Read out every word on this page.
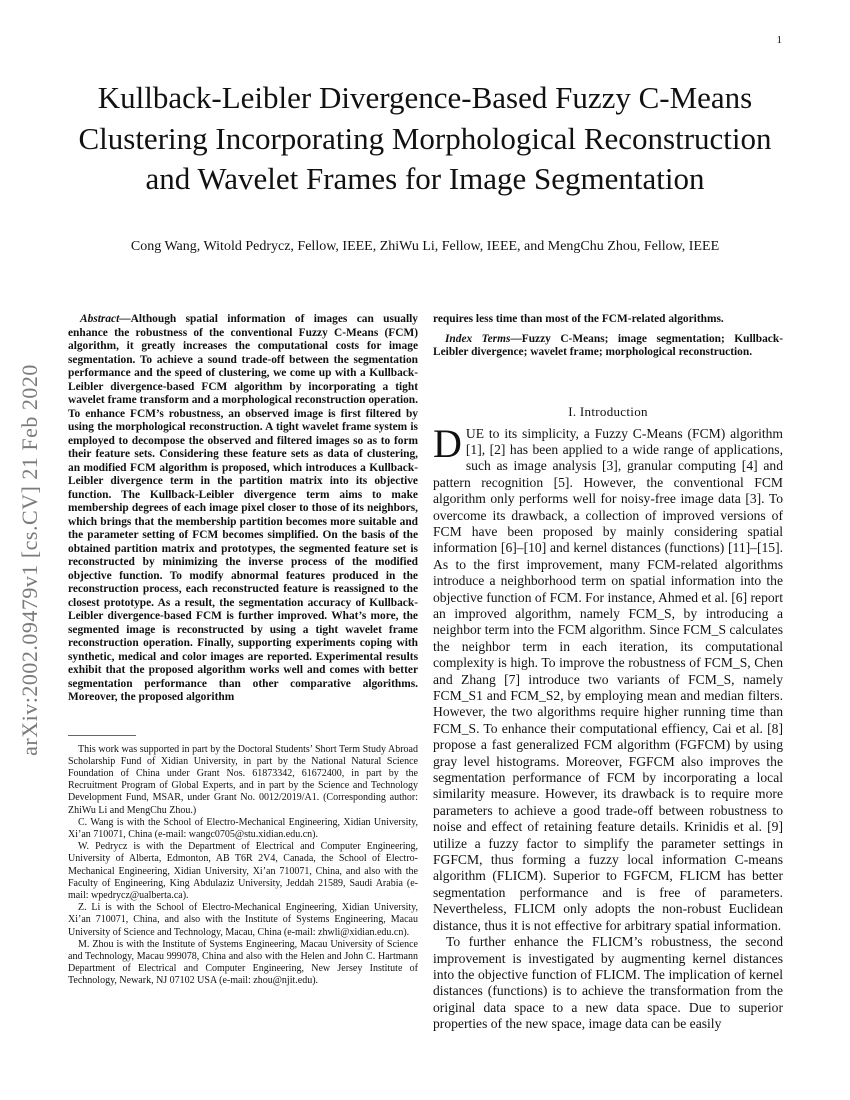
1
arXiv:2002.09479v1 [cs.CV] 21 Feb 2020
Kullback-Leibler Divergence-Based Fuzzy C-Means Clustering Incorporating Morphological Reconstruction and Wavelet Frames for Image Segmentation

Cong Wang, Witold Pedrycz, Fellow, IEEE, ZhiWu Li, Fellow, IEEE, and MengChu Zhou, Fellow, IEEE

Abstract—Although spatial information of images can usually enhance the robustness of the conventional Fuzzy C-Means (FCM) algorithm, it greatly increases the computational costs for image segmentation. To achieve a sound trade-off between the segmentation performance and the speed of clustering, we come up with a Kullback-Leibler divergence-based FCM algorithm by incorporating a tight wavelet frame transform and a morphological reconstruction operation. To enhance FCM’s robustness, an observed image is first filtered by using the morphological reconstruction. A tight wavelet frame system is employed to decompose the observed and filtered images so as to form their feature sets. Considering these feature sets as data of clustering, an modified FCM algorithm is proposed, which introduces a Kullback-Leibler divergence term in the partition matrix into its objective function. The Kullback-Leibler divergence term aims to make membership degrees of each image pixel closer to those of its neighbors, which brings that the membership partition becomes more suitable and the parameter setting of FCM becomes simplified. On the basis of the obtained partition matrix and prototypes, the segmented feature set is reconstructed by minimizing the inverse process of the modified objective function. To modify abnormal features produced in the reconstruction process, each reconstructed feature is reassigned to the closest prototype. As a result, the segmentation accuracy of Kullback-Leibler divergence-based FCM is further improved. What’s more, the segmented image is reconstructed by using a tight wavelet frame reconstruction operation. Finally, supporting experiments coping with synthetic, medical and color images are reported. Experimental results exhibit that the proposed algorithm works well and comes with better segmentation performance than other comparative algorithms. Moreover, the proposed algorithm

This work was supported in part by the Doctoral Students’ Short Term Study Abroad Scholarship Fund of Xidian University, in part by the National Natural Science Foundation of China under Grant Nos. 61873342, 61672400, in part by the Recruitment Program of Global Experts, and in part by the Science and Technology Development Fund, MSAR, under Grant No. 0012/2019/A1. (Corresponding author: ZhiWu Li and MengChu Zhou.)

C. Wang is with the School of Electro-Mechanical Engineering, Xidian University, Xi’an 710071, China (e-mail: wangc0705@stu.xidian.edu.cn).

W. Pedrycz is with the Department of Electrical and Computer Engineering, University of Alberta, Edmonton, AB T6R 2V4, Canada, the School of Electro-Mechanical Engineering, Xidian University, Xi’an 710071, China, and also with the Faculty of Engineering, King Abdulaziz University, Jeddah 21589, Saudi Arabia (e-mail: wpedrycz@ualberta.ca).

Z. Li is with the School of Electro-Mechanical Engineering, Xidian University, Xi’an 710071, China, and also with the Institute of Systems Engineering, Macau University of Science and Technology, Macau, China (e-mail: zhwli@xidian.edu.cn).

M. Zhou is with the Institute of Systems Engineering, Macau University of Science and Technology, Macau 999078, China and also with the Helen and John C. Hartmann Department of Electrical and Computer Engineering, New Jersey Institute of Technology, Newark, NJ 07102 USA (e-mail: zhou@njit.edu).

requires less time than most of the FCM-related algorithms.

Index Terms—Fuzzy C-Means; image segmentation; Kullback-Leibler divergence; wavelet frame; morphological reconstruction.

I. Introduction

DUE to its simplicity, a Fuzzy C-Means (FCM) algorithm [1], [2] has been applied to a wide range of applications, such as image analysis [3], granular computing [4] and pattern recognition [5]. However, the conventional FCM algorithm only performs well for noisy-free image data [3]. To overcome its drawback, a collection of improved versions of FCM have been proposed by mainly considering spatial information [6]–[10] and kernel distances (functions) [11]–[15]. As to the first improvement, many FCM-related algorithms introduce a neighborhood term on spatial information into the objective function of FCM. For instance, Ahmed et al. [6] report an improved algorithm, namely FCM_S, by introducing a neighbor term into the FCM algorithm. Since FCM_S calculates the neighbor term in each iteration, its computational complexity is high. To improve the robustness of FCM_S, Chen and Zhang [7] introduce two variants of FCM_S, namely FCM_S1 and FCM_S2, by employing mean and median filters. However, the two algorithms require higher running time than FCM_S. To enhance their computational effiency, Cai et al. [8] propose a fast generalized FCM algorithm (FGFCM) by using gray level histograms. Moreover, FGFCM also improves the segmentation performance of FCM by incorporating a local similarity measure. However, its drawback is to require more parameters to achieve a good trade-off between robustness to noise and effect of retaining feature details. Krinidis et al. [9] utilize a fuzzy factor to simplify the parameter settings in FGFCM, thus forming a fuzzy local information C-means algorithm (FLICM). Superior to FGFCM, FLICM has better segmentation performance and is free of parameters. Nevertheless, FLICM only adopts the non-robust Euclidean distance, thus it is not effective for arbitrary spatial information.

To further enhance the FLICM’s robustness, the second improvement is investigated by augmenting kernel distances into the objective function of FLICM. The implication of kernel distances (functions) is to achieve the transformation from the original data space to a new data space. Due to superior properties of the new space, image data can be easily
